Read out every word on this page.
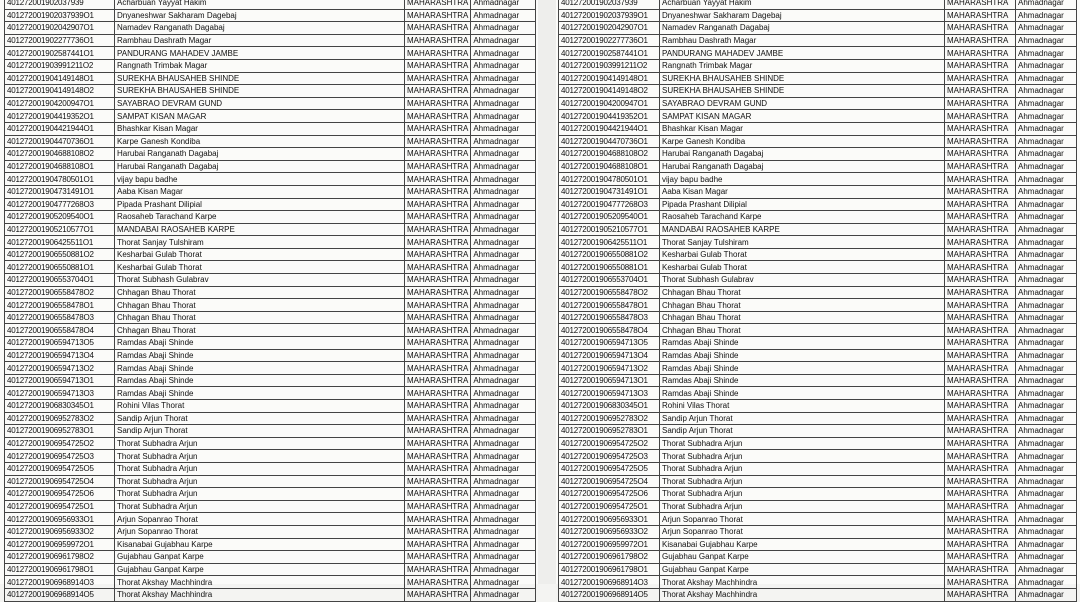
401272001902037939	Acharbuan Yayyat Hakim	MAHARASHTRA	Ahmadnagar
401272001902037939O1	Dnyaneshwar Sakharam Dagebaj	MAHARASHTRA	Ahmadnagar
401272001902042907O1	Namadev Ranganath Dagabaj	MAHARASHTRA	Ahmadnagar
401272001902277736O1	Rambhau Dashrath Magar	MAHARASHTRA	Ahmadnagar
401272001902587441O1	PANDURANG MAHADEV JAMBE	MAHARASHTRA	Ahmadnagar
401272001903991211O2	Rangnath Trimbak Magar	MAHARASHTRA	Ahmadnagar
401272001904149148O1	SUREKHA BHAUSAHEB SHINDE	MAHARASHTRA	Ahmadnagar
401272001904149148O2	SUREKHA BHAUSAHEB SHINDE	MAHARASHTRA	Ahmadnagar
401272001904200947O1	SAYABRAO DEVRAM GUND	MAHARASHTRA	Ahmadnagar
401272001904419352O1	SAMPAT KISAN MAGAR	MAHARASHTRA	Ahmadnagar
401272001904421944O1	Bhashkar Kisan Magar	MAHARASHTRA	Ahmadnagar
401272001904470736O1	Karpe Ganesh Kondiba	MAHARASHTRA	Ahmadnagar
401272001904688108O2	Harubai Ranganath Dagabaj	MAHARASHTRA	Ahmadnagar
401272001904688108O1	Harubai Ranganath Dagabaj	MAHARASHTRA	Ahmadnagar
401272001904780501O1	vijay bapu badhe	MAHARASHTRA	Ahmadnagar
401272001904731491O1	Aaba Kisan Magar	MAHARASHTRA	Ahmadnagar
401272001904777268O3	Pipada Prashant Dilipial	MAHARASHTRA	Ahmadnagar
401272001905209540O1	Raosaheb Tarachand Karpe	MAHARASHTRA	Ahmadnagar
401272001905210577O1	MANDABAI RAOSAHEB KARPE	MAHARASHTRA	Ahmadnagar
401272001906425511O1	Thorat Sanjay Tulshiram	MAHARASHTRA	Ahmadnagar
401272001906550881O2	Kesharbai Gulab Thorat	MAHARASHTRA	Ahmadnagar
401272001906550881O1	Kesharbai Gulab Thorat	MAHARASHTRA	Ahmadnagar
401272001906553704O1	Thorat Subhash Gulabrav	MAHARASHTRA	Ahmadnagar
401272001906558478O2	Chhagan Bhau Thorat	MAHARASHTRA	Ahmadnagar
401272001906558478O1	Chhagan Bhau Thorat	MAHARASHTRA	Ahmadnagar
401272001906558478O3	Chhagan Bhau Thorat	MAHARASHTRA	Ahmadnagar
401272001906558478O4	Chhagan Bhau Thorat	MAHARASHTRA	Ahmadnagar
401272001906594713O5	Ramdas Abaji Shinde	MAHARASHTRA	Ahmadnagar
401272001906594713O4	Ramdas Abaji Shinde	MAHARASHTRA	Ahmadnagar
401272001906594713O2	Ramdas Abaji Shinde	MAHARASHTRA	Ahmadnagar
401272001906594713O1	Ramdas Abaji Shinde	MAHARASHTRA	Ahmadnagar
401272001906594713O3	Ramdas Abaji Shinde	MAHARASHTRA	Ahmadnagar
401272001906830345O1	Rohini Vilas Thorat	MAHARASHTRA	Ahmadnagar
401272001906952783O2	Sandip Arjun Thorat	MAHARASHTRA	Ahmadnagar
401272001906952783O1	Sandip Arjun Thorat	MAHARASHTRA	Ahmadnagar
401272001906954725O2	Thorat Subhadra Arjun	MAHARASHTRA	Ahmadnagar
401272001906954725O3	Thorat Subhadra Arjun	MAHARASHTRA	Ahmadnagar
401272001906954725O5	Thorat Subhadra Arjun	MAHARASHTRA	Ahmadnagar
401272001906954725O4	Thorat Subhadra Arjun	MAHARASHTRA	Ahmadnagar
401272001906954725O6	Thorat Subhadra Arjun	MAHARASHTRA	Ahmadnagar
401272001906954725O1	Thorat Subhadra Arjun	MAHARASHTRA	Ahmadnagar
401272001906956933O1	Arjun Sopanrao Thorat	MAHARASHTRA	Ahmadnagar
401272001906956933O2	Arjun Sopanrao Thorat	MAHARASHTRA	Ahmadnagar
401272001906959972O1	Kisanabai Gujabhau Karpe	MAHARASHTRA	Ahmadnagar
401272001906961798O2	Gujabhau Ganpat Karpe	MAHARASHTRA	Ahmadnagar
401272001906961798O1	Gujabhau Ganpat Karpe	MAHARASHTRA	Ahmadnagar
401272001906968914O3	Thorat Akshay Machhindra	MAHARASHTRA	Ahmadnagar
401272001906968914O5	Thorat Akshay Machhindra	MAHARASHTRA	Ahmadnagar
401272001902037939	Acharbuan Yayyat Hakim	MAHARASHTRA	Ahmadnagar
401272001902037939O1	Dnyaneshwar Sakharam Dagebaj	MAHARASHTRA	Ahmadnagar
401272001902042907O1	Namadev Ranganath Dagabaj	MAHARASHTRA	Ahmadnagar
401272001902277736O1	Rambhau Dashrath Magar	MAHARASHTRA	Ahmadnagar
401272001902587441O1	PANDURANG MAHADEV JAMBE	MAHARASHTRA	Ahmadnagar
401272001903991211O2	Rangnath Trimbak Magar	MAHARASHTRA	Ahmadnagar
401272001904149148O1	SUREKHA BHAUSAHEB SHINDE	MAHARASHTRA	Ahmadnagar
401272001904149148O2	SUREKHA BHAUSAHEB SHINDE	MAHARASHTRA	Ahmadnagar
401272001904200947O1	SAYABRAO DEVRAM GUND	MAHARASHTRA	Ahmadnagar
401272001904419352O1	SAMPAT KISAN MAGAR	MAHARASHTRA	Ahmadnagar
401272001904421944O1	Bhashkar Kisan Magar	MAHARASHTRA	Ahmadnagar
401272001904470736O1	Karpe Ganesh Kondiba	MAHARASHTRA	Ahmadnagar
401272001904688108O2	Harubai Ranganath Dagabaj	MAHARASHTRA	Ahmadnagar
401272001904688108O1	Harubai Ranganath Dagabaj	MAHARASHTRA	Ahmadnagar
401272001904780501O1	vijay bapu badhe	MAHARASHTRA	Ahmadnagar
401272001904731491O1	Aaba Kisan Magar	MAHARASHTRA	Ahmadnagar
401272001904777268O3	Pipada Prashant Dilipial	MAHARASHTRA	Ahmadnagar
401272001905209540O1	Raosaheb Tarachand Karpe	MAHARASHTRA	Ahmadnagar
401272001905210577O1	MANDABAI RAOSAHEB KARPE	MAHARASHTRA	Ahmadnagar
401272001906425511O1	Thorat Sanjay Tulshiram	MAHARASHTRA	Ahmadnagar
401272001906550881O2	Kesharbai Gulab Thorat	MAHARASHTRA	Ahmadnagar
401272001906550881O1	Kesharbai Gulab Thorat	MAHARASHTRA	Ahmadnagar
401272001906553704O1	Thorat Subhash Gulabrav	MAHARASHTRA	Ahmadnagar
401272001906558478O2	Chhagan Bhau Thorat	MAHARASHTRA	Ahmadnagar
401272001906558478O1	Chhagan Bhau Thorat	MAHARASHTRA	Ahmadnagar
401272001906558478O3	Chhagan Bhau Thorat	MAHARASHTRA	Ahmadnagar
401272001906558478O4	Chhagan Bhau Thorat	MAHARASHTRA	Ahmadnagar
401272001906594713O5	Ramdas Abaji Shinde	MAHARASHTRA	Ahmadnagar
401272001906594713O4	Ramdas Abaji Shinde	MAHARASHTRA	Ahmadnagar
401272001906594713O2	Ramdas Abaji Shinde	MAHARASHTRA	Ahmadnagar
401272001906594713O1	Ramdas Abaji Shinde	MAHARASHTRA	Ahmadnagar
401272001906594713O3	Ramdas Abaji Shinde	MAHARASHTRA	Ahmadnagar
401272001906830345O1	Rohini Vilas Thorat	MAHARASHTRA	Ahmadnagar
401272001906952783O2	Sandip Arjun Thorat	MAHARASHTRA	Ahmadnagar
401272001906952783O1	Sandip Arjun Thorat	MAHARASHTRA	Ahmadnagar
401272001906954725O2	Thorat Subhadra Arjun	MAHARASHTRA	Ahmadnagar
401272001906954725O3	Thorat Subhadra Arjun	MAHARASHTRA	Ahmadnagar
401272001906954725O5	Thorat Subhadra Arjun	MAHARASHTRA	Ahmadnagar
401272001906954725O4	Thorat Subhadra Arjun	MAHARASHTRA	Ahmadnagar
401272001906954725O6	Thorat Subhadra Arjun	MAHARASHTRA	Ahmadnagar
401272001906954725O1	Thorat Subhadra Arjun	MAHARASHTRA	Ahmadnagar
401272001906956933O1	Arjun Sopanrao Thorat	MAHARASHTRA	Ahmadnagar
401272001906956933O2	Arjun Sopanrao Thorat	MAHARASHTRA	Ahmadnagar
401272001906959972O1	Kisanabai Gujabhau Karpe	MAHARASHTRA	Ahmadnagar
401272001906961798O2	Gujabhau Ganpat Karpe	MAHARASHTRA	Ahmadnagar
401272001906961798O1	Gujabhau Ganpat Karpe	MAHARASHTRA	Ahmadnagar
401272001906968914O3	Thorat Akshay Machhindra	MAHARASHTRA	Ahmadnagar
401272001906968914O5	Thorat Akshay Machhindra	MAHARASHTRA	Ahmadnagar
